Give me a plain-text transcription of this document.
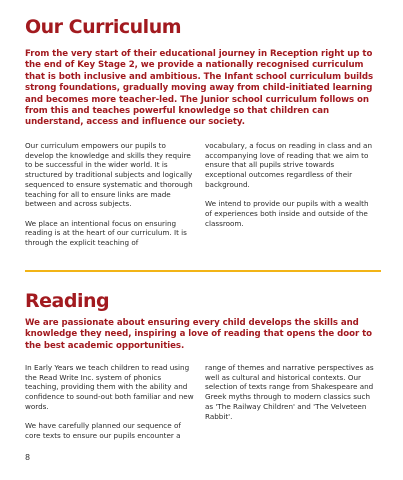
Our Curriculum

From the very start of their educational journey in Reception right up to the end of Key Stage 2, we provide a nationally recognised curriculum that is both inclusive and ambitious. The Infant school curriculum builds strong foundations, gradually moving away from child-initiated learning and becomes more teacher-led. The Junior school curriculum follows on from this and teaches powerful knowledge so that children can understand, access and influence our society.

Our curriculum empowers our pupils to develop the knowledge and skills they require to be successful in the wider world. It is structured by traditional subjects and logically sequenced to ensure systematic and thorough teaching for all to ensure links are made between and across subjects.

We place an intentional focus on ensuring reading is at the heart of our curriculum. It is through the explicit teaching of

vocabulary, a focus on reading in class and an accompanying love of reading that we aim to ensure that all pupils strive towards exceptional outcomes regardless of their background.

We intend to provide our pupils with a wealth of experiences both inside and outside of the classroom.

Reading

We are passionate about ensuring every child develops the skills and knowledge they need, inspiring a love of reading that opens the door to the best academic opportunities.

In Early Years we teach children to read using the Read Write Inc. system of phonics teaching, providing them with the ability and confidence to sound-out both familiar and new words.

We have carefully planned our sequence of core texts to ensure our pupils encounter a

range of themes and narrative perspectives as well as cultural and historical contexts. Our selection of texts range from Shakespeare and Greek myths through to modern classics such as 'The Railway Children' and 'The Velveteen Rabbit'.

8
